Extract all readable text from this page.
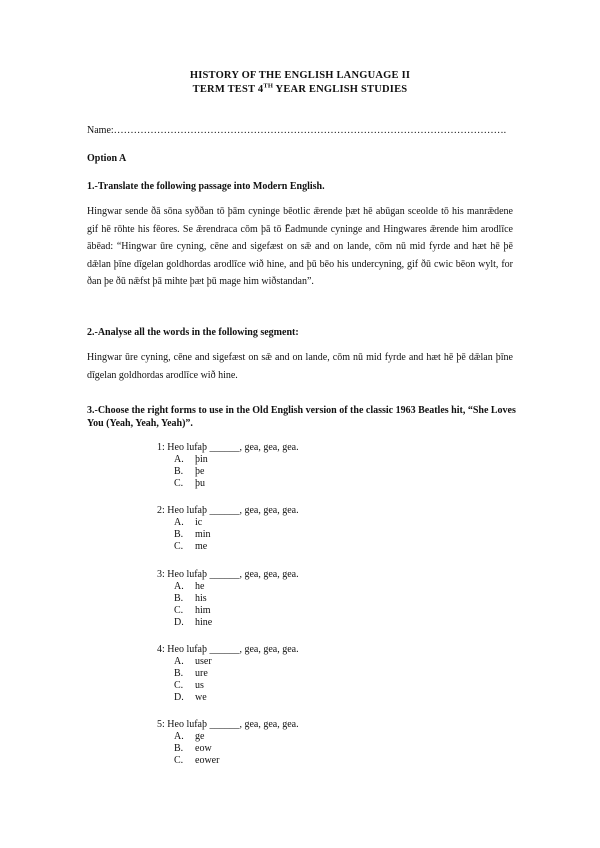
HISTORY OF THE ENGLISH LANGUAGE II
TERM TEST 4TH YEAR ENGLISH STUDIES
Name:……………………………………………………………………………………………………….
Option A
1.-Translate the following passage into Modern English.
Hingwar sende ðā sōna syððan tō þām cyninge bēotlic ǣrende þæt hē abūgan sceolde tō his manrǣdene gif hē rōhte his fēores. Se ǣrendraca cōm þā tō Ēadmunde cyninge and Hingwares ǣrende him arodlīce ābēad: “Hingwar ūre cyning, cēne and sigefæst on sǣ and on lande, cōm nū mid fyrde and hæt hē þē dǣlan þīne dīgelan goldhordas arodlīce wið hine, and þū bēo his undercyning, gif ðū cwic bēon wylt, for ðan þe ðū nǣfst þā mihte þæt þū mage him wiðstandan”.
2.-Analyse all the words in the following segment:
Hingwar ūre cyning, cēne and sigefæst on sǣ and on lande, cōm nū mid fyrde and hæt hē þē dǣlan þīne dīgelan goldhordas arodlīce wið hine.
3.-Choose the right forms to use in the Old English version of the classic 1963 Beatles hit, “She Loves You (Yeah, Yeah, Yeah)”.
1: Heo lufaþ ______, gea, gea, gea.
A. þin
B. þe
C. þu
2: Heo lufaþ ______, gea, gea, gea.
A. ic
B. min
C. me
3: Heo lufaþ ______, gea, gea, gea.
A. he
B. his
C. him
D. hine
4: Heo lufaþ ______, gea, gea, gea.
A. user
B. ure
C. us
D. we
5: Heo lufaþ ______, gea, gea, gea.
A. ge
B. eow
C. eower
